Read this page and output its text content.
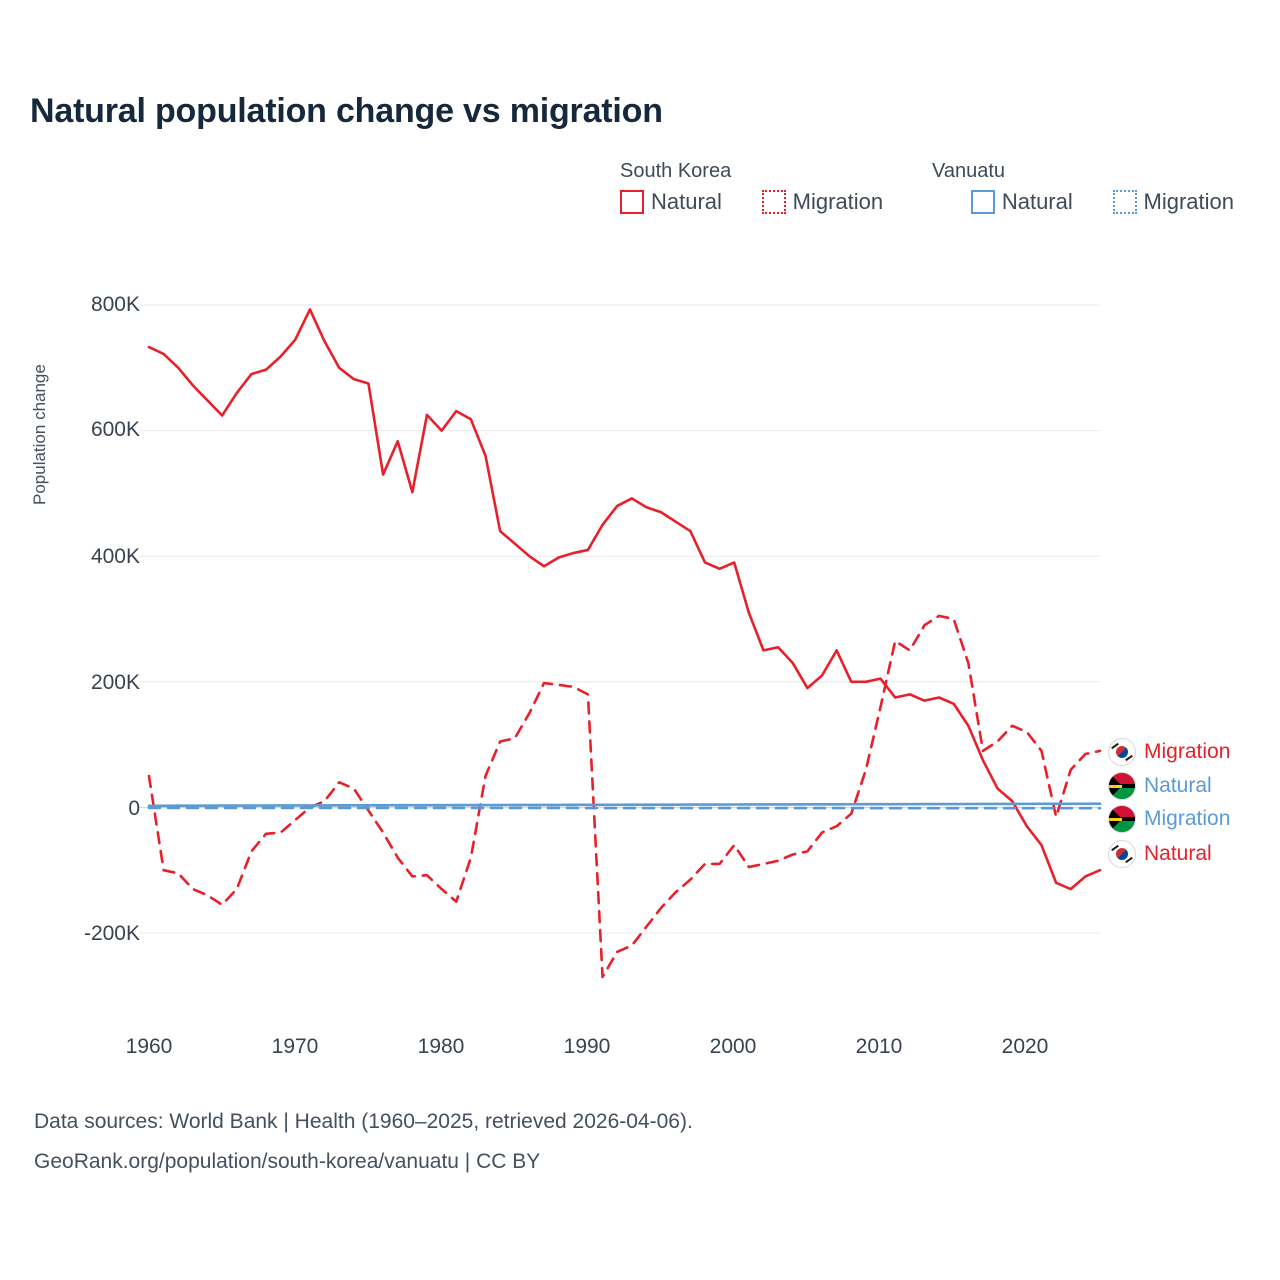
Natural population change vs migration
South Korea	Vanuatu
Natural	Migration	Natural	Migration
Population change
800K
600K
400K
200K
0
-200K
1960	1970	1980	1990	2000	2010	2020
Migration
Natural
Migration
Natural
Data sources: World Bank | Health (1960–2025, retrieved 2026-04-06).
GeoRank.org/population/south-korea/vanuatu | CC BY
